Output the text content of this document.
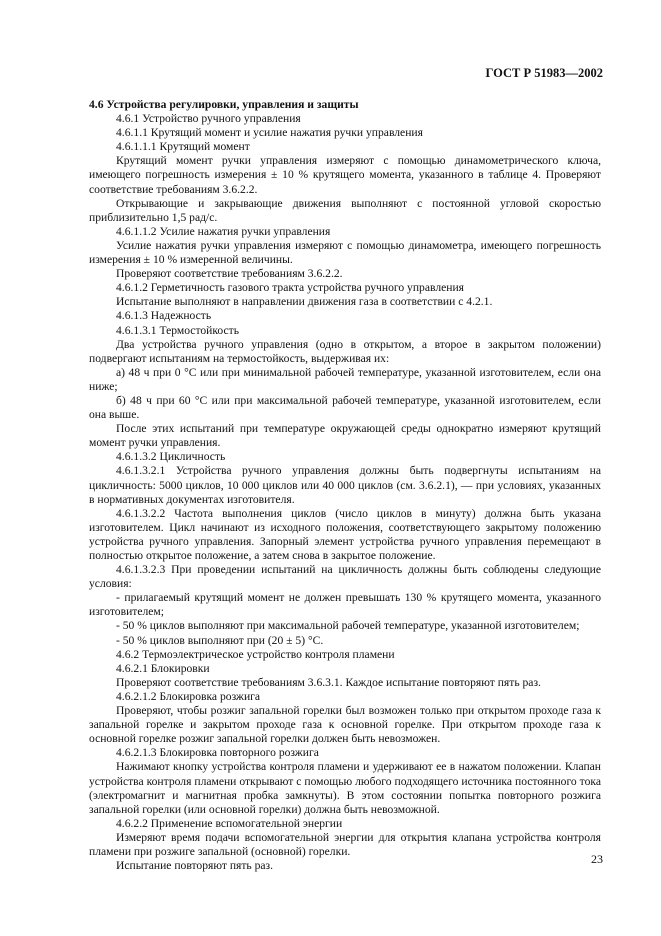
ГОСТ Р 51983—2002

4.6 Устройства регулировки, управления и защиты

4.6.1 Устройство ручного управления

4.6.1.1 Крутящий момент и усилие нажатия ручки управления

4.6.1.1.1 Крутящий момент

Крутящий момент ручки управления измеряют с помощью динамометрического ключа, имеющего погрешность измерения ± 10 % крутящего момента, указанного в таблице 4. Проверяют соответствие требованиям 3.6.2.2.

Открывающие и закрывающие движения выполняют с постоянной угловой скоростью приблизительно 1,5 рад/с.

4.6.1.1.2 Усилие нажатия ручки управления

Усилие нажатия ручки управления измеряют с помощью динамометра, имеющего погрешность измерения ± 10 % измеренной величины.

Проверяют соответствие требованиям 3.6.2.2.

4.6.1.2 Герметичность газового тракта устройства ручного управления

Испытание выполняют в направлении движения газа в соответствии с 4.2.1.

4.6.1.3 Надежность

4.6.1.3.1 Термостойкость

Два устройства ручного управления (одно в открытом, а второе в закрытом положении) подвергают испытаниям на термостойкость, выдерживая их:

а) 48 ч при 0 °С или при минимальной рабочей температуре, указанной изготовителем, если она ниже;

б) 48 ч при 60 °С или при максимальной рабочей температуре, указанной изготовителем, если она выше.

После этих испытаний при температуре окружающей среды однократно измеряют крутящий момент ручки управления.

4.6.1.3.2 Цикличность

4.6.1.3.2.1 Устройства ручного управления должны быть подвергнуты испытаниям на цикличность: 5000 циклов, 10 000 циклов или 40 000 циклов (см. 3.6.2.1), — при условиях, указанных в нормативных документах изготовителя.

4.6.1.3.2.2 Частота выполнения циклов (число циклов в минуту) должна быть указана изготовителем. Цикл начинают из исходного положения, соответствующего закрытому положению устройства ручного управления. Запорный элемент устройства ручного управления перемещают в полностью открытое положение, а затем снова в закрытое положение.

4.6.1.3.2.3 При проведении испытаний на цикличность должны быть соблюдены следующие условия:

- прилагаемый крутящий момент не должен превышать 130 % крутящего момента, указанного изготовителем;

- 50 % циклов выполняют при максимальной рабочей температуре, указанной изготовителем;

- 50 % циклов выполняют при (20 ± 5) °С.

4.6.2 Термоэлектрическое устройство контроля пламени

4.6.2.1 Блокировки

Проверяют соответствие требованиям 3.6.3.1. Каждое испытание повторяют пять раз.

4.6.2.1.2 Блокировка розжига

Проверяют, чтобы розжиг запальной горелки был возможен только при открытом проходе газа к запальной горелке и закрытом проходе газа к основной горелке. При открытом проходе газа к основной горелке розжиг запальной горелки должен быть невозможен.

4.6.2.1.3 Блокировка повторного розжига

Нажимают кнопку устройства контроля пламени и удерживают ее в нажатом положении. Клапан устройства контроля пламени открывают с помощью любого подходящего источника постоянного тока (электромагнит и магнитная пробка замкнуты). В этом состоянии попытка повторного розжига запальной горелки (или основной горелки) должна быть невозможной.

4.6.2.2 Применение вспомогательной энергии

Измеряют время подачи вспомогательной энергии для открытия клапана устройства контроля пламени при розжиге запальной (основной) горелки.

Испытание повторяют пять раз.	23
